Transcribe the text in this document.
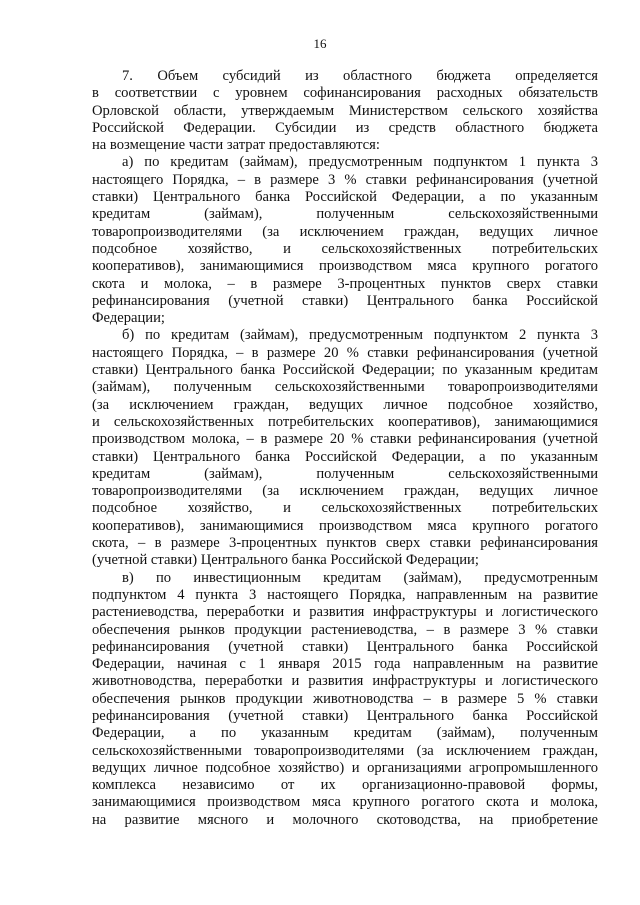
16
7. Объем субсидий из областного бюджета определяется
в соответствии с уровнем софинансирования расходных обязательств
Орловской области, утверждаемым Министерством сельского хозяйства
Российской Федерации. Субсидии из средств областного бюджета
на возмещение части затрат предоставляются:
а) по кредитам (займам), предусмотренным подпунктом 1 пункта 3
настоящего Порядка, – в размере 3 % ставки рефинансирования (учетной
ставки) Центрального банка Российской Федерации, а по указанным
кредитам (займам), полученным сельскохозяйственными
товаропроизводителями (за исключением граждан, ведущих личное
подсобное хозяйство, и сельскохозяйственных потребительских
кооперативов), занимающимися производством мяса крупного рогатого
скота и молока, – в размере 3-процентных пунктов сверх ставки
рефинансирования (учетной ставки) Центрального банка Российской
Федерации;
б) по кредитам (займам), предусмотренным подпунктом 2 пункта 3
настоящего Порядка, – в размере 20 % ставки рефинансирования (учетной
ставки) Центрального банка Российской Федерации; по указанным кредитам
(займам), полученным сельскохозяйственными товаропроизводителями
(за исключением граждан, ведущих личное подсобное хозяйство,
и сельскохозяйственных потребительских кооперативов), занимающимися
производством молока, – в размере 20 % ставки рефинансирования (учетной
ставки) Центрального банка Российской Федерации, а по указанным
кредитам (займам), полученным сельскохозяйственными
товаропроизводителями (за исключением граждан, ведущих личное
подсобное хозяйство, и сельскохозяйственных потребительских
кооперативов), занимающимися производством мяса крупного рогатого
скота, – в размере 3-процентных пунктов сверх ставки рефинансирования
(учетной ставки) Центрального банка Российской Федерации;
в) по инвестиционным кредитам (займам), предусмотренным
подпунктом 4 пункта 3 настоящего Порядка, направленным на развитие
растениеводства, переработки и развития инфраструктуры и логистического
обеспечения рынков продукции растениеводства, – в размере 3 % ставки
рефинансирования (учетной ставки) Центрального банка Российской
Федерации, начиная с 1 января 2015 года направленным на развитие
животноводства, переработки и развития инфраструктуры и логистического
обеспечения рынков продукции животноводства – в размере 5 % ставки
рефинансирования (учетной ставки) Центрального банка Российской
Федерации, а по указанным кредитам (займам), полученным
сельскохозяйственными товаропроизводителями (за исключением граждан,
ведущих личное подсобное хозяйство) и организациями агропромышленного
комплекса независимо от их организационно-правовой формы,
занимающимися производством мяса крупного рогатого скота и молока,
на развитие мясного и молочного скотоводства, на приобретение
